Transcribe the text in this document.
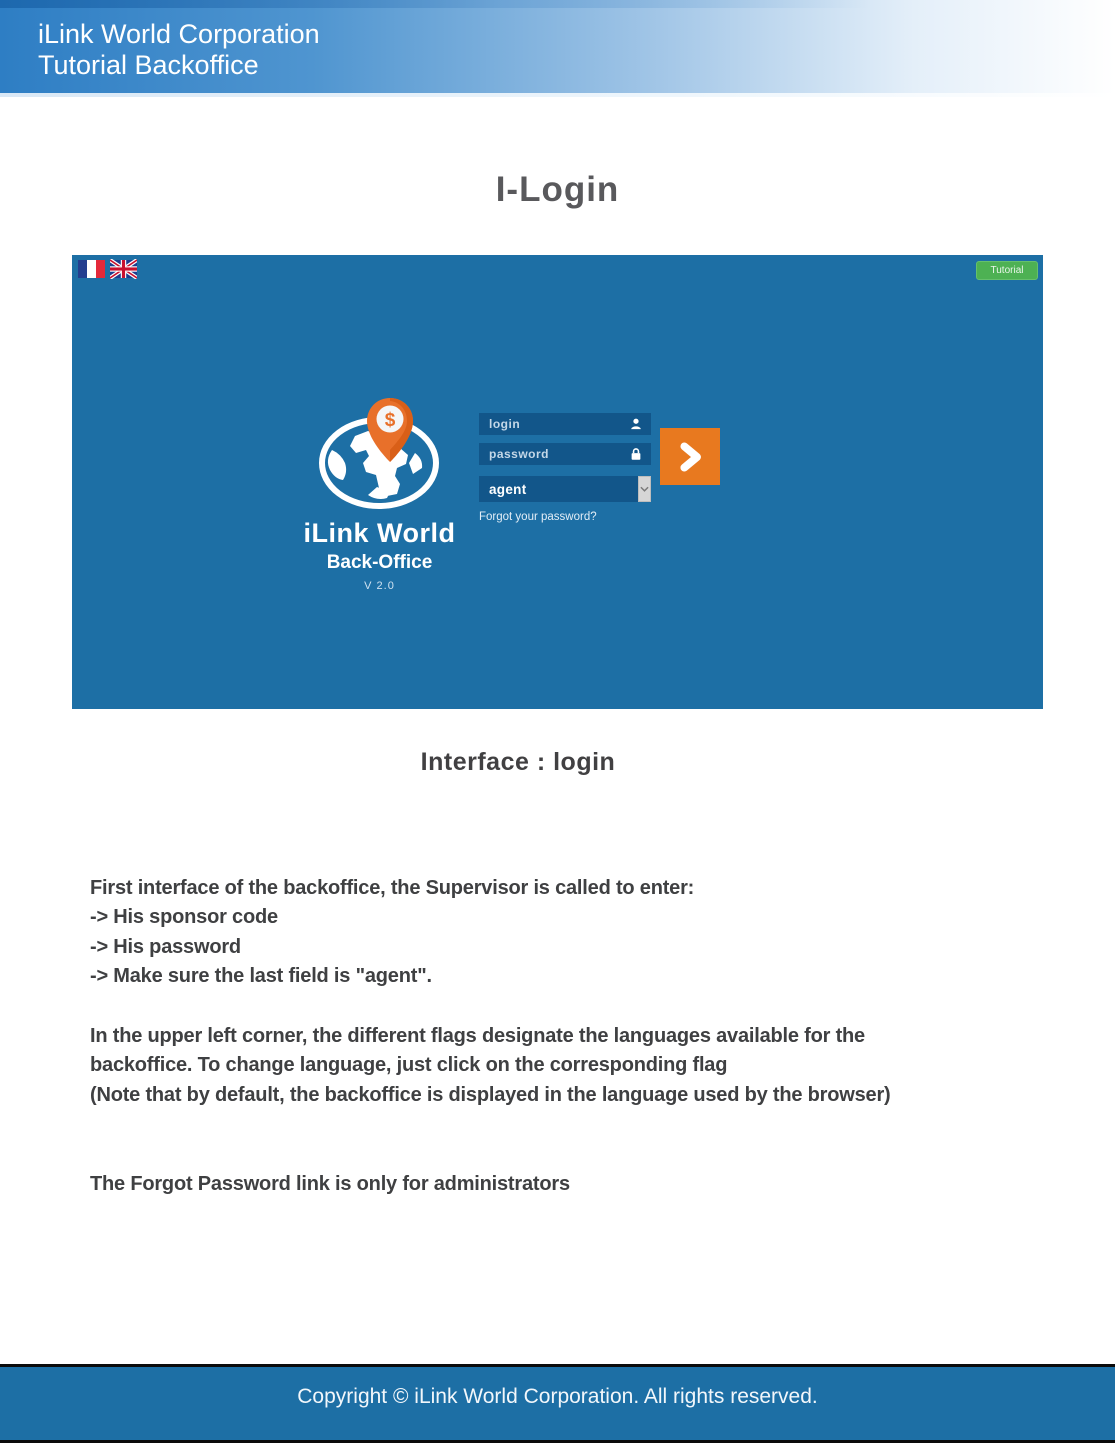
iLink World Corporation
Tutorial Backoffice
I-Login
Tutorial
$
iLink World
Back-Office
V 2.0
login
password
agent
Forgot your password?
Interface : login
First interface of the backoffice, the Supervisor is called to enter:
-> His sponsor code
-> His password
-> Make sure the last field is "agent".
In the upper left corner, the different flags designate the languages available for the
backoffice. To change language, just click on the corresponding flag
(Note that by default, the backoffice is displayed in the language used by the browser)
The Forgot Password link is only for administrators
Copyright © iLink World Corporation. All rights reserved.
